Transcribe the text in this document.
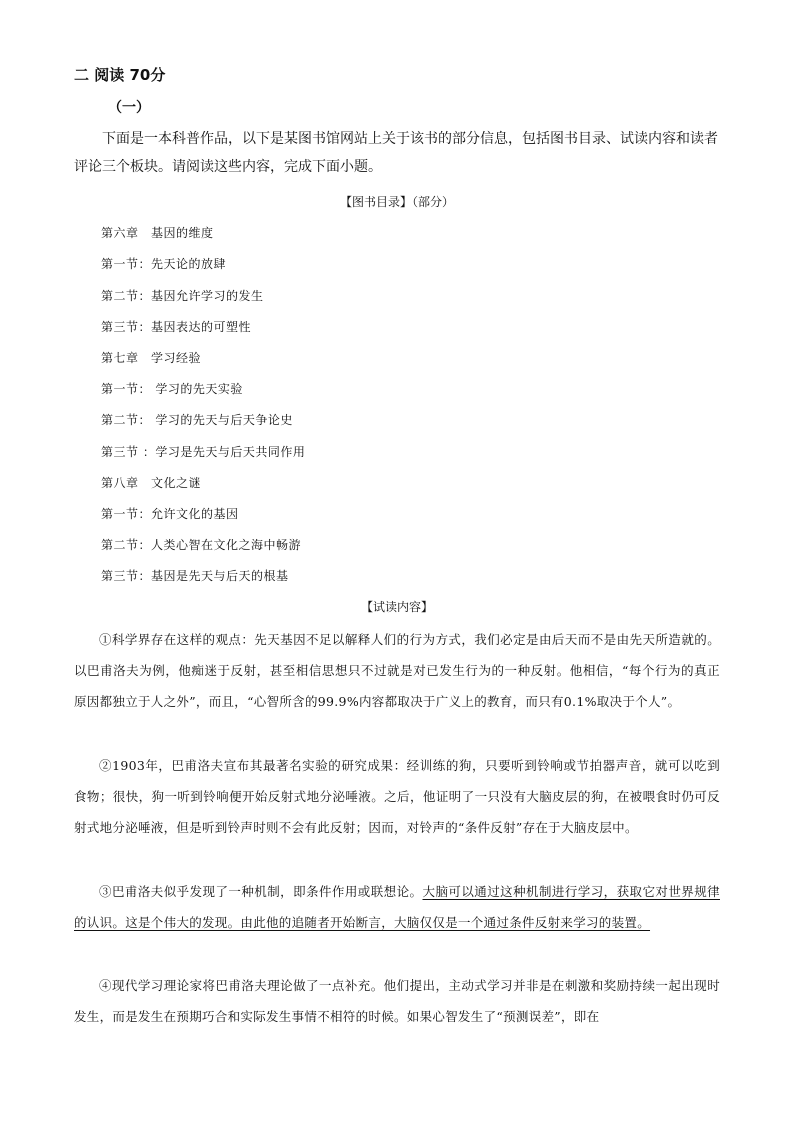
二 阅读 70分
（一）
下面是一本科普作品，以下是某图书馆网站上关于该书的部分信息，包括图书目录、试读内容和读者评论三个板块。请阅读这些内容，完成下面小题。
【图书目录】（部分）
第六章　基因的维度
第一节：先天论的放肆
第二节：基因允许学习的发生
第三节：基因表达的可塑性
第七章　学习经验
第一节： 学习的先天实验
第二节： 学习的先天与后天争论史
第三节 ：学习是先天与后天共同作用
第八章　文化之谜
第一节：允许文化的基因
第二节：人类心智在文化之海中畅游
第三节：基因是先天与后天的根基
【试读内容】
①科学界存在这样的观点：先天基因不足以解释人们的行为方式，我们必定是由后天而不是由先天所造就的。以巴甫洛夫为例，他痴迷于反射，甚至相信思想只不过就是对已发生行为的一种反射。他相信，“每个行为的真正原因都独立于人之外”，而且，“心智所含的99.9%内容都取决于广义上的教育，而只有0.1%取决于个人”。
②1903年，巴甫洛夫宣布其最著名实验的研究成果：经训练的狗，只要听到铃响或节拍器声音，就可以吃到食物；很快，狗一听到铃响便开始反射式地分泌唾液。之后，他证明了一只没有大脑皮层的狗，在被喂食时仍可反射式地分泌唾液，但是听到铃声时则不会有此反射；因而，对铃声的“条件反射”存在于大脑皮层中。
③巴甫洛夫似乎发现了一种机制，即条件作用或联想论。大脑可以通过这种机制进行学习，获取它对世界规律的认识。这是个伟大的发现。由此他的追随者开始断言，大脑仅仅是一个通过条件反射来学习的装置。
④现代学习理论家将巴甫洛夫理论做了一点补充。他们提出，主动式学习并非是在刺激和奖励持续一起出现时发生，而是发生在预期巧合和实际发生事情不相符的时候。如果心智发生了“预测误差”，即在
